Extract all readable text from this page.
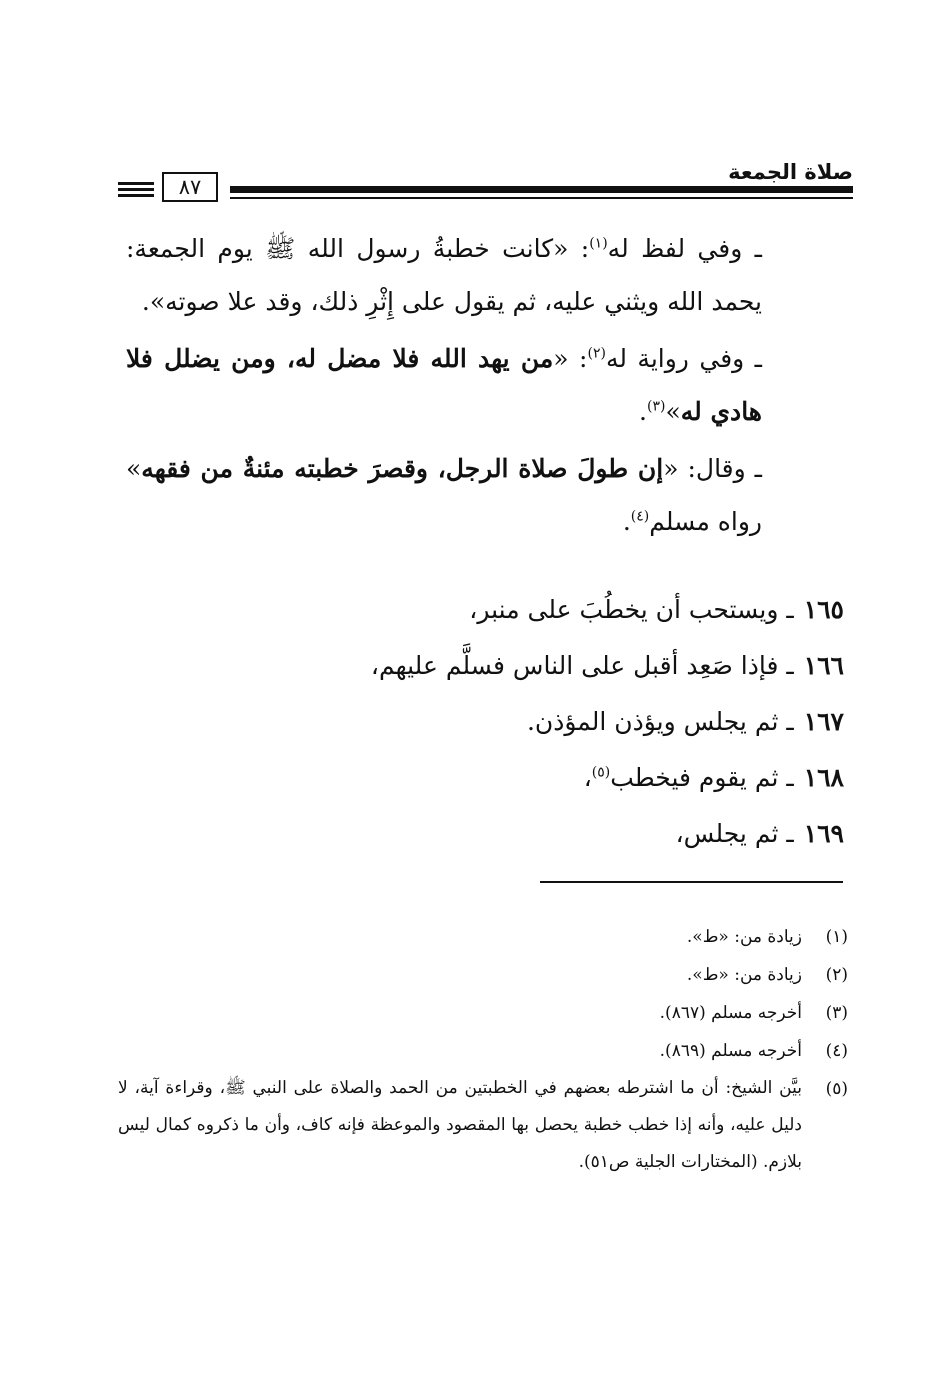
صلاة الجمعة
٨٧

ـ وفي لفظ له$^{(١)}$: «كانت خطبةُ رسول الله ﷺ يوم الجمعة: يحمد الله ويثني عليه، ثم يقول على إِثْرِ ذلك، وقد علا صوته».

ـ وفي رواية له$^{(٢)}$: «من يهد الله فلا مضل له، ومن يضلل فلا هادي له»$^{(٣)}$.

ـ وقال: «إن طولَ صلاة الرجل، وقصرَ خطبته مئنةٌ من فقهه» رواه مسلم$^{(٤)}$.

١٦٥ـ ويستحب أن يخطُبَ على منبر،
١٦٦ـ فإذا صَعِد أقبل على الناس فسلَّم عليهم،
١٦٧ـ ثم يجلس ويؤذن المؤذن.
١٦٨ـ ثم يقوم فيخطب$^{(٥)}$،
١٦٩ـ ثم يجلس،
(١)
زيادة من: «ط».
(٢)
زيادة من: «ط».
(٣)
أخرجه مسلم (٨٦٧).
(٤)
أخرجه مسلم (٨٦٩).
(٥)
بيَّن الشيخ: أن ما اشترطه بعضهم في الخطبتين من الحمد والصلاة على النبي ﷺ، وقراءة آية، لا دليل عليه، وأنه إذا خطب خطبة يحصل بها المقصود والموعظة فإنه كاف، وأن ما ذكروه كمال ليس بلازم. (المختارات الجلية ص٥١).
